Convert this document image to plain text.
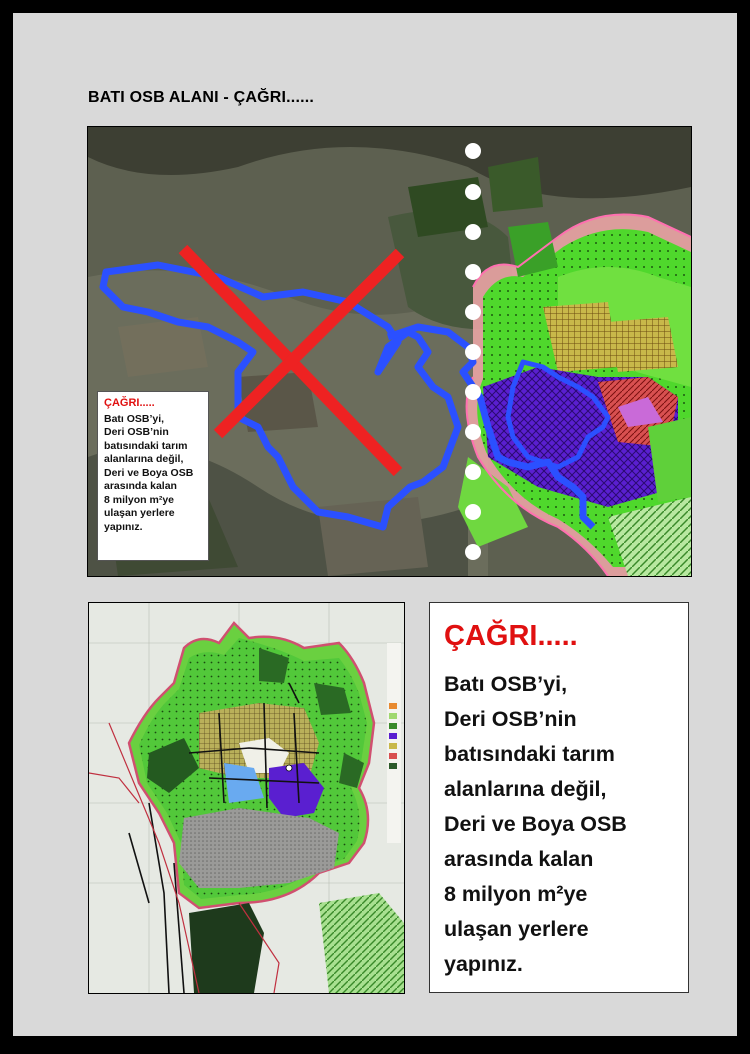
BATI OSB ALANI - ÇAĞRI......
ÇAĞRI.....
Batı OSB’yi,
Deri OSB’nin
batısındaki tarım
alanlarına değil,
Deri ve Boya OSB
arasında kalan
8 milyon m²ye
ulaşan yerlere
yapınız.
ÇAĞRI.....
Batı OSB’yi,
Deri OSB’nin
batısındaki tarım
alanlarına değil,
Deri ve Boya OSB
arasında kalan
8 milyon m²ye
ulaşan yerlere
yapınız.
